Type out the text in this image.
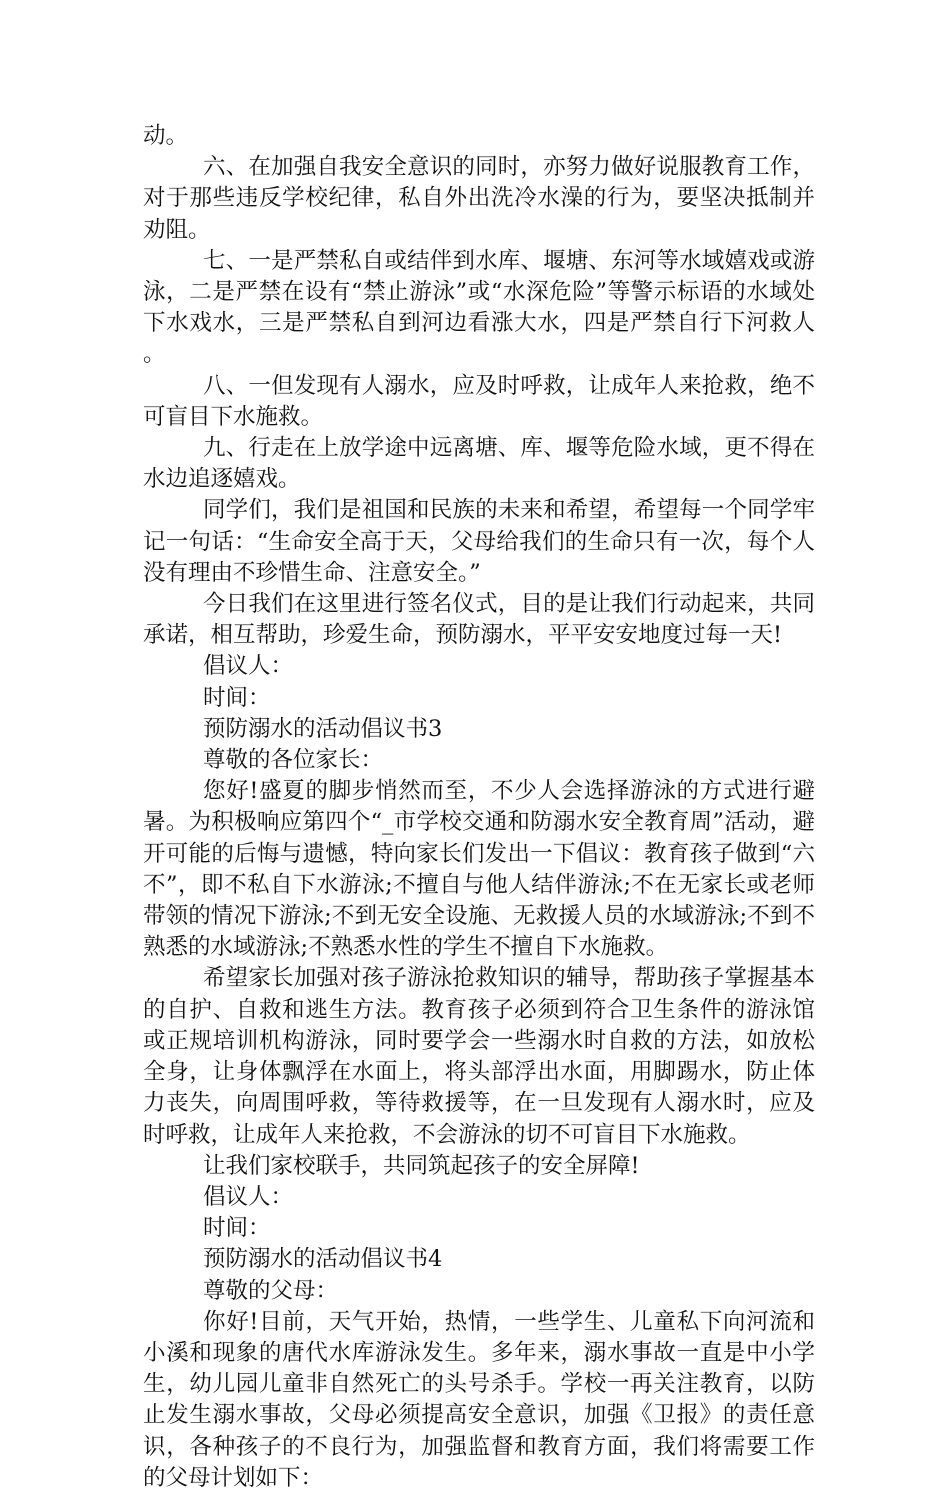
动。

六、在加强自我安全意识的同时，亦努力做好说服教育工作，对于那些违反学校纪律，私自外出洗冷水澡的行为，要坚决抵制并劝阻。

七、一是严禁私自或结伴到水库、堰塘、东河等水域嬉戏或游泳，二是严禁在设有“禁止游泳”或“水深危险”等警示标语的水域处下水戏水，三是严禁私自到河边看涨大水，四是严禁自行下河救人。

八、一但发现有人溺水，应及时呼救，让成年人来抢救，绝不可盲目下水施救。

九、行走在上放学途中远离塘、库、堰等危险水域，更不得在水边追逐嬉戏。

同学们，我们是祖国和民族的未来和希望，希望每一个同学牢记一句话：“生命安全高于天，父母给我们的生命只有一次，每个人没有理由不珍惜生命、注意安全。”

今日我们在这里进行签名仪式，目的是让我们行动起来，共同承诺，相互帮助，珍爱生命，预防溺水，平平安安地度过每一天!

倡议人：

时间：

预防溺水的活动倡议书3

尊敬的各位家长：

您好!盛夏的脚步悄然而至，不少人会选择游泳的方式进行避暑。为积极响应第四个“_市学校交通和防溺水安全教育周”活动，避开可能的后悔与遗憾，特向家长们发出一下倡议：教育孩子做到“六不”，即不私自下水游泳;不擅自与他人结伴游泳;不在无家长或老师带领的情况下游泳;不到无安全设施、无救援人员的水域游泳;不到不熟悉的水域游泳;不熟悉水性的学生不擅自下水施救。

希望家长加强对孩子游泳抢救知识的辅导，帮助孩子掌握基本的自护、自救和逃生方法。教育孩子必须到符合卫生条件的游泳馆或正规培训机构游泳，同时要学会一些溺水时自救的方法，如放松全身，让身体飘浮在水面上，将头部浮出水面，用脚踢水，防止体力丧失，向周围呼救，等待救援等，在一旦发现有人溺水时，应及时呼救，让成年人来抢救，不会游泳的切不可盲目下水施救。

让我们家校联手，共同筑起孩子的安全屏障!

倡议人：

时间：

预防溺水的活动倡议书4

尊敬的父母：

你好!目前，天气开始，热情，一些学生、儿童私下向河流和小溪和现象的唐代水库游泳发生。多年来，溺水事故一直是中小学生，幼儿园儿童非自然死亡的头号杀手。学校一再关注教育，以防止发生溺水事故，父母必须提高安全意识，加强《卫报》的责任意识，各种孩子的不良行为，加强监督和教育方面，我们将需要工作的父母计划如下：
